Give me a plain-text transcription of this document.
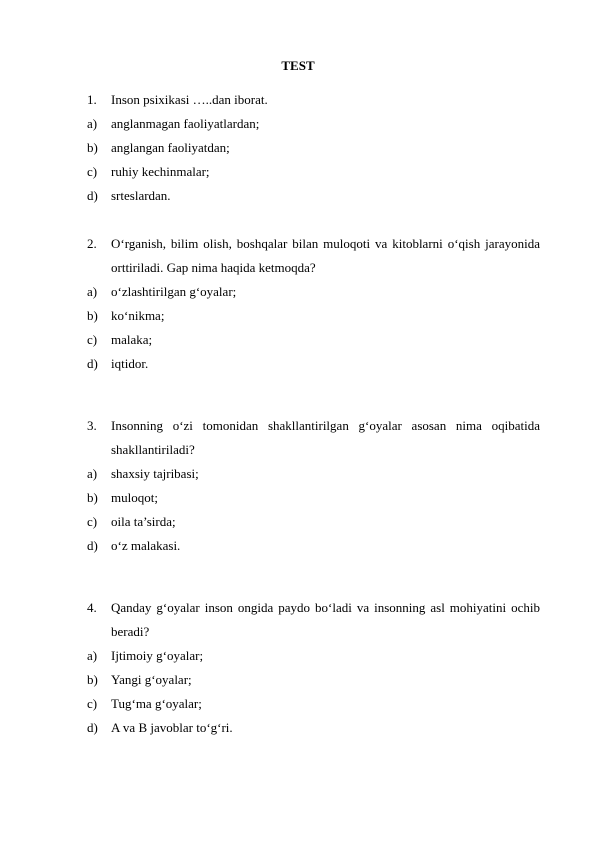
TEST
1. Inson psixikasi …..dan iborat.
a) anglanmagan faoliyatlardan;
b) anglangan faoliyatdan;
c) ruhiy kechinmalar;
d) srteslardan.
2.	O‘rganish, bilim olish, boshqalar bilan muloqoti va kitoblarni o‘qish jarayonida
orttiriladi. Gap nima haqida ketmoqda?
a) o‘zlashtirilgan g‘oyalar;
b) ko‘nikma;
c) malaka;
d) iqtidor.
3.	Insonning o‘zi tomonidan shakllantirilgan g‘oyalar asosan nima oqibatida
shakllantiriladi?
a) shaxsiy tajribasi;
b) muloqot;
c) oila ta’sirda;
d) o‘z malakasi.
4.	Qanday g‘oyalar inson ongida paydo bo‘ladi va insonning asl mohiyatini ochib
beradi?
a) Ijtimoiy g‘oyalar;
b) Yangi g‘oyalar;
c) Tug‘ma g‘oyalar;
d) A va B javoblar to‘g‘ri.
